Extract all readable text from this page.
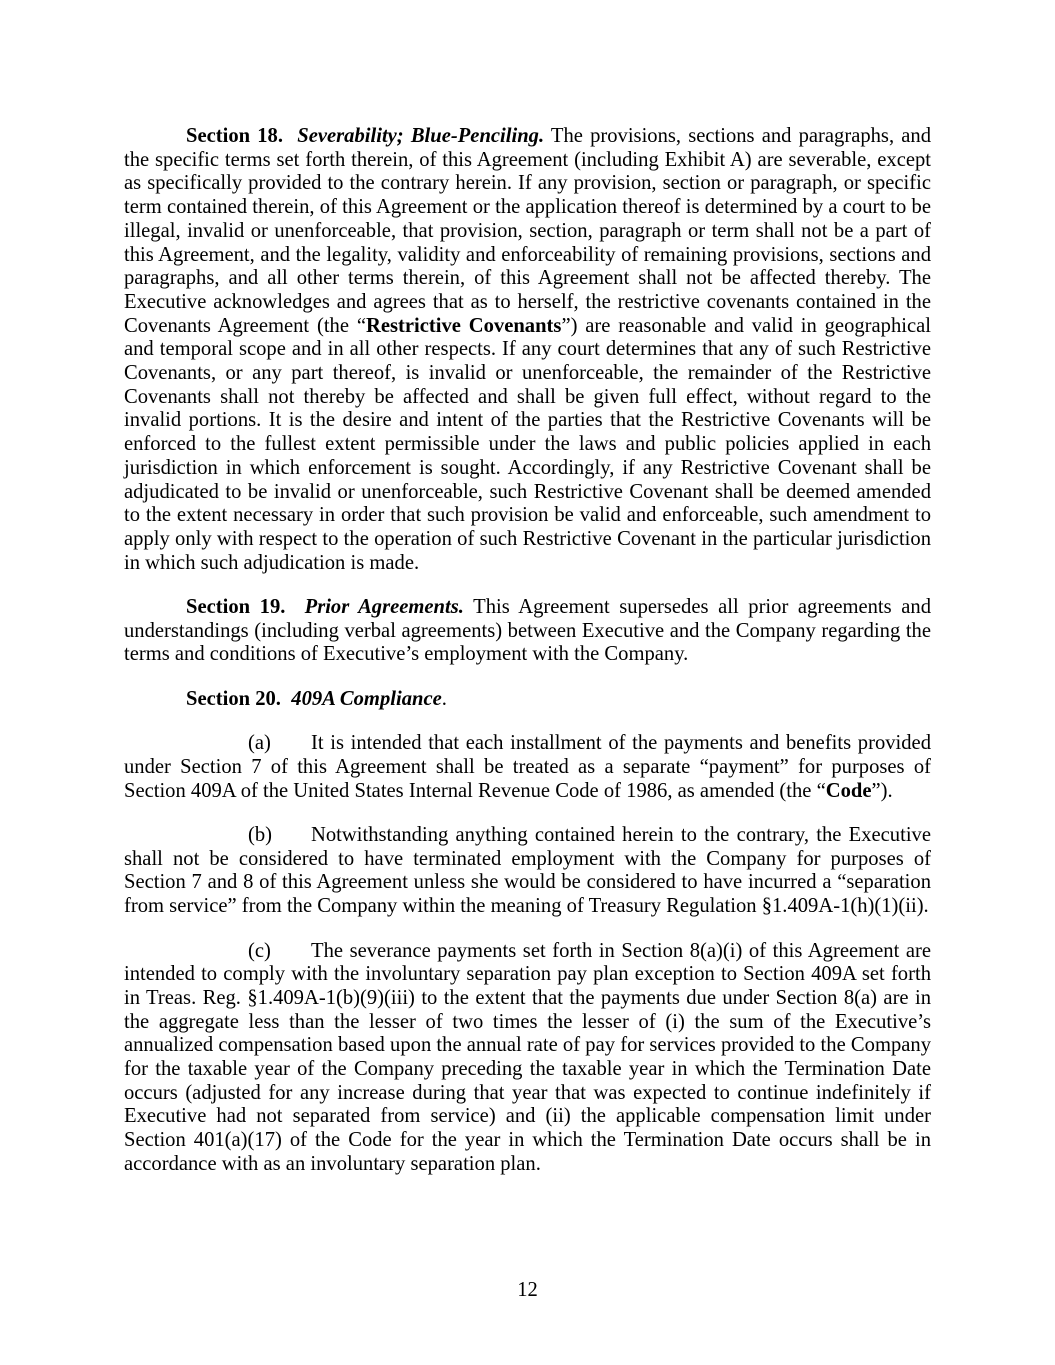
Section 18. Severability; Blue-Penciling. The provisions, sections and paragraphs, and the specific terms set forth therein, of this Agreement (including Exhibit A) are severable, except as specifically provided to the contrary herein. If any provision, section or paragraph, or specific term contained therein, of this Agreement or the application thereof is determined by a court to be illegal, invalid or unenforceable, that provision, section, paragraph or term shall not be a part of this Agreement, and the legality, validity and enforceability of remaining provisions, sections and paragraphs, and all other terms therein, of this Agreement shall not be affected thereby. The Executive acknowledges and agrees that as to herself, the restrictive covenants contained in the Covenants Agreement (the “Restrictive Covenants”) are reasonable and valid in geographical and temporal scope and in all other respects. If any court determines that any of such Restrictive Covenants, or any part thereof, is invalid or unenforceable, the remainder of the Restrictive Covenants shall not thereby be affected and shall be given full effect, without regard to the invalid portions. It is the desire and intent of the parties that the Restrictive Covenants will be enforced to the fullest extent permissible under the laws and public policies applied in each jurisdiction in which enforcement is sought. Accordingly, if any Restrictive Covenant shall be adjudicated to be invalid or unenforceable, such Restrictive Covenant shall be deemed amended to the extent necessary in order that such provision be valid and enforceable, such amendment to apply only with respect to the operation of such Restrictive Covenant in the particular jurisdiction in which such adjudication is made.

Section 19. Prior Agreements. This Agreement supersedes all prior agreements and understandings (including verbal agreements) between Executive and the Company regarding the terms and conditions of Executive’s employment with the Company.

Section 20. 409A Compliance.

(a) It is intended that each installment of the payments and benefits provided under Section 7 of this Agreement shall be treated as a separate “payment” for purposes of Section 409A of the United States Internal Revenue Code of 1986, as amended (the “Code”).

(b) Notwithstanding anything contained herein to the contrary, the Executive shall not be considered to have terminated employment with the Company for purposes of Section 7 and 8 of this Agreement unless she would be considered to have incurred a “separation from service” from the Company within the meaning of Treasury Regulation §1.409A-1(h)(1)(ii).

(c) The severance payments set forth in Section 8(a)(i) of this Agreement are intended to comply with the involuntary separation pay plan exception to Section 409A set forth in Treas. Reg. §1.409A-1(b)(9)(iii) to the extent that the payments due under Section 8(a) are in the aggregate less than the lesser of two times the lesser of (i) the sum of the Executive’s annualized compensation based upon the annual rate of pay for services provided to the Company for the taxable year of the Company preceding the taxable year in which the Termination Date occurs (adjusted for any increase during that year that was expected to continue indefinitely if Executive had not separated from service) and (ii) the applicable compensation limit under Section 401(a)(17) of the Code for the year in which the Termination Date occurs shall be in accordance with as an involuntary separation plan.

12
